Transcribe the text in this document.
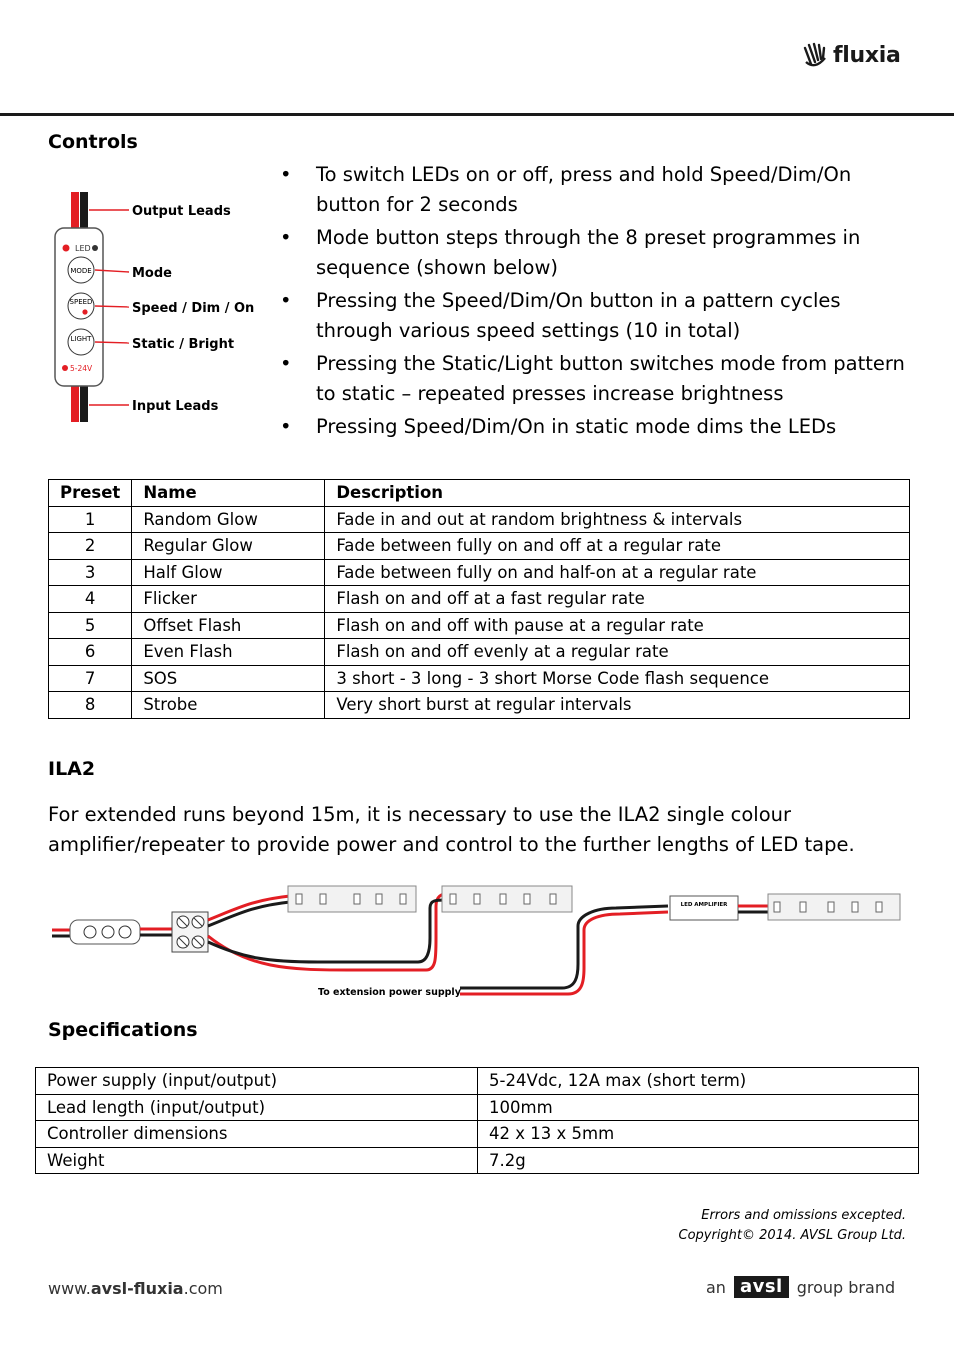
fluxia
Controls
LED
MODE
SPEED
LIGHT
5-24V
Output Leads
Mode
Speed / Dim / On
Static / Bright
Input Leads
• To switch LEDs on or off, press and hold Speed/Dim/On button for 2 seconds
• Mode button steps through the 8 preset programmes in sequence (shown below)
• Pressing the Speed/Dim/On button in a pattern cycles through various speed settings (10 in total)
• Pressing the Static/Light button switches mode from pattern to static – repeated presses increase brightness
• Pressing Speed/Dim/On in static mode dims the LEDs
Preset	Name	Description
1	Random Glow	Fade in and out at random brightness & intervals
2	Regular Glow	Fade between fully on and off at a regular rate
3	Half Glow	Fade between fully on and half-on at a regular rate
4	Flicker	Flash on and off at a fast regular rate
5	Offset Flash	Flash on and off with pause at a regular rate
6	Even Flash	Flash on and off evenly at a regular rate
7	SOS	3 short - 3 long - 3 short Morse Code flash sequence
8	Strobe	Very short burst at regular intervals
ILA2

For extended runs beyond 15m, it is necessary to use the ILA2 single colour amplifier/repeater to provide power and control to the further lengths of LED tape.

LED AMPLIFIER
To extension power supply
Specifications
Power supply (input/output)	5-24Vdc, 12A max (short term)
Lead length (input/output)	100mm
Controller dimensions	42 x 13 x 5mm
Weight	7.2g
Errors and omissions excepted.
Copyright© 2014. AVSL Group Ltd.
www.avsl-fluxia.com	an avsl group brand
